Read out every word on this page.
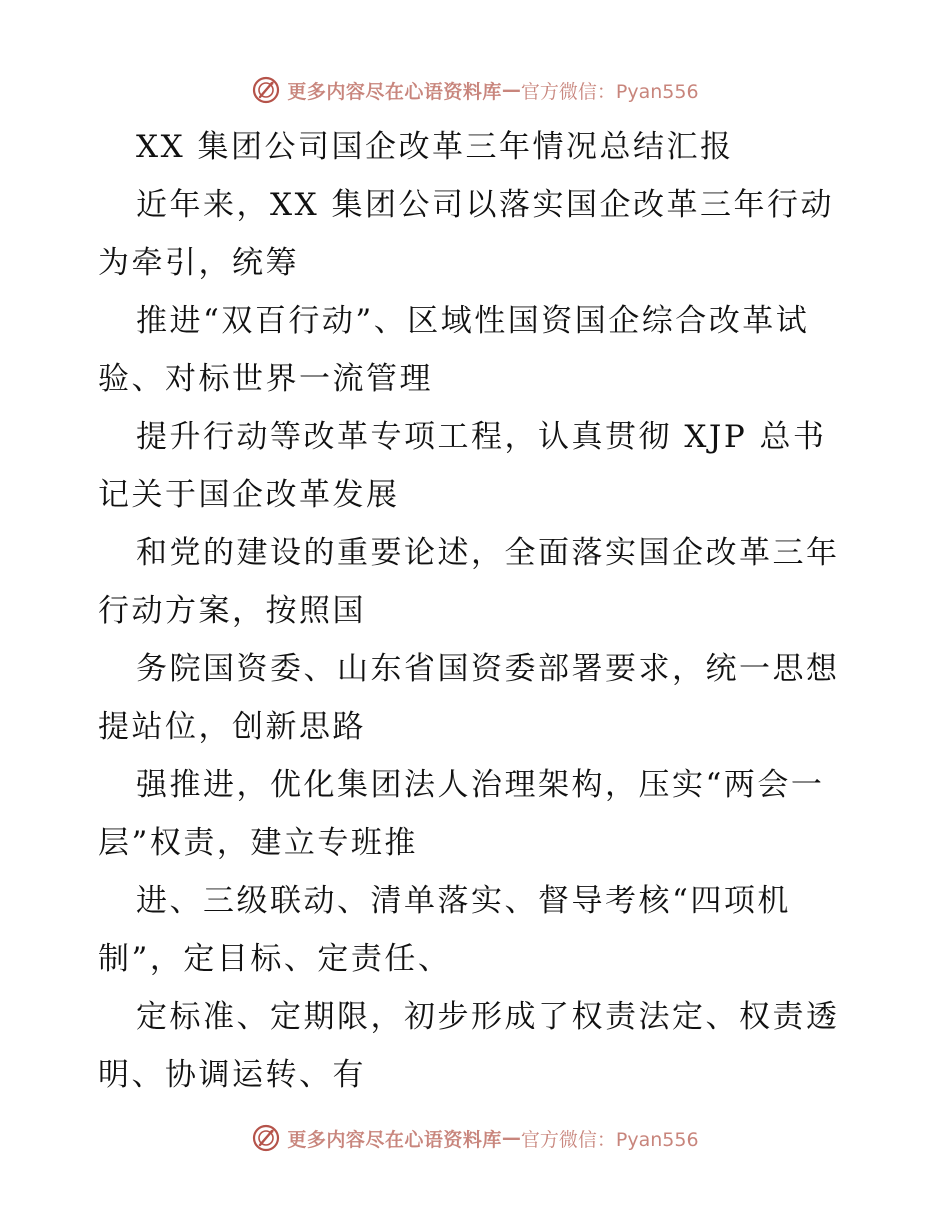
更多内容尽在心语资料库 — 官方微信：Pyan556
XX 集团公司国企改革三年情况总结汇报
近年来，XX 集团公司以落实国企改革三年行动
为牵引，统筹
推进“双百行动”、区域性国资国企综合改革试
验、对标世界一流管理
提升行动等改革专项工程，认真贯彻 XJP 总书
记关于国企改革发展
和党的建设的重要论述，全面落实国企改革三年
行动方案，按照国
务院国资委、山东省国资委部署要求，统一思想
提站位，创新思路
强推进，优化集团法人治理架构，压实“两会一
层”权责，建立专班推
进、三级联动、清单落实、督导考核“四项机
制”，定目标、定责任、
定标准、定期限，初步形成了权责法定、权责透
明、协调运转、有
更多内容尽在心语资料库 — 官方微信：Pyan556
